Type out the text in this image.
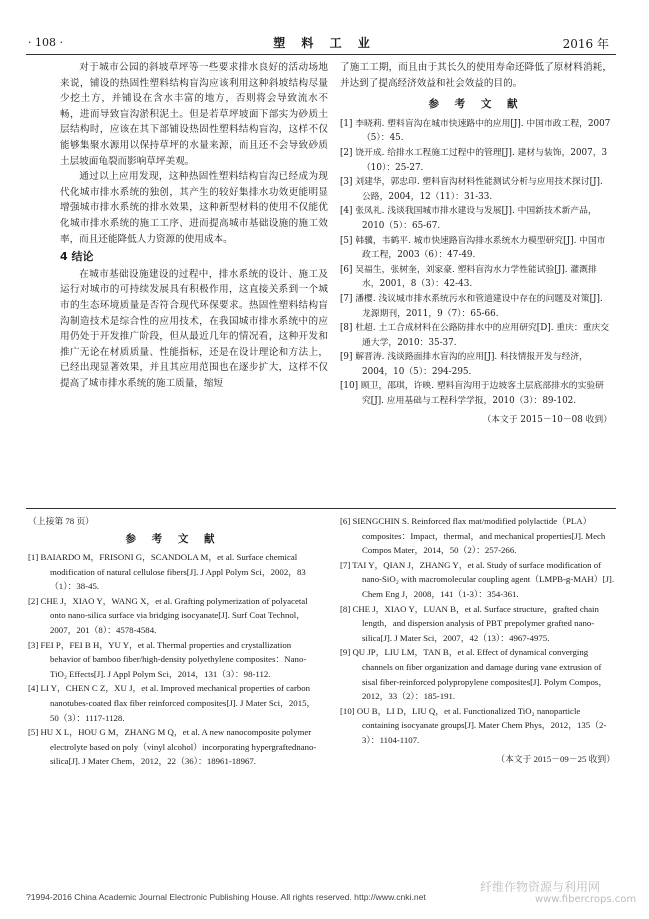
· 108 ·	塑 料 工 业	2016 年

对于城市公园的斜坡草坪等一些要求排水良好的活动场地来说，铺设的热固性塑料结构盲沟应该利用这种斜坡结构尽量少挖土方，并铺设在含水丰富的地方，否则将会导致流水不畅，进而导致盲沟淤积泥土。但是若草坪坡面下部实为砂质土层结构时，应该在其下部铺设热固性塑料结构盲沟，这样不仅能够集聚水源用以保持草坪的水量来源，而且还不会导致砂质土层坡面龟裂而影响草坪美观。

通过以上应用发现，这种热固性塑料结构盲沟已经成为现代化城市排水系统的独创，其产生的较好集排水功效更能明显增强城市排水系统的排水效果，这种新型材料的使用不仅能优化城市排水系统的施工工序、进而提高城市基础设施的施工效率，而且还能降低人力资源的使用成本。

4 结论

在城市基础设施建设的过程中，排水系统的设计、施工及运行对城市的可持续发展具有积极作用，这直接关系到一个城市的生态环境质量是否符合现代环保要求。热固性塑料结构盲沟制造技术是综合性的应用技术，在我国城市排水系统中的应用仍处于开发推广阶段，但从最近几年的情况看，这种开发和推广无论在材质质量、性能指标，还是在设计理论和方法上，已经出现显著效果，并且其应用范围也在逐步扩大，这样不仅提高了城市排水系统的施工质量，缩短

了施工工期，而且由于其长久的使用寿命还降低了原材料消耗，并达到了提高经济效益和社会效益的目的。

参 考 文 献

[1] 李晓莉. 塑料盲沟在城市快速路中的应用[J]. 中国市政工程，2007（5）：45.

[2] 饶开成. 给排水工程施工过程中的管理[J]. 建材与装饰，2007，3（10）：25-27.

[3] 刘建华，郭忠印. 塑料盲沟材料性能测试分析与应用技术探讨[J]. 公路，2004，12（11）：31-33.

[4] 张凤礼. 浅谈我国城市排水建设与发展[J]. 中国新技术新产品，2010（5）：65-67.

[5] 韩骥，韦鹤平. 城市快速路盲沟排水系统水力模型研究[J]. 中国市政工程，2003（6）：47-49.

[6] 吴福生，张树奎，刘家豪. 塑料盲沟水力学性能试验[J]. 灌溉排水，2001，8（3）：42-43.

[7] 潘樱. 浅议城市排水系统污水和管道建设中存在的问题及对策[J]. 龙源期刊，2011，9（7）：65-66.

[8] 杜超. 土工合成材料在公路防排水中的应用研究[D]. 重庆：重庆交通大学，2010：35-37.

[9] 解晋涛. 浅谈路面排水盲沟的应用[J]. 科技情报开发与经济，2004，10（5）：294-295.

[10] 顾卫，邵琪，许映. 塑料盲沟用于边坡客土层底部排水的实验研究[J]. 应用基础与工程科学学报，2010（3）：89-102.

（本文于 2015－10－08 收到）
（上接第 78 页）
参 考 文 献

[1] BAIARDO M，FRISONI G，SCANDOLA M，et al. Surface chemical modification of natural cellulose fibers[J]. J Appl Polym Sci，2002，83（1）：38-45.

[2] CHE J，XIAO Y，WANG X，et al. Grafting polymerization of polyacetal onto nano-silica surface via bridging isocyanate[J]. Surf Coat Technol，2007，201（8）：4578-4584.

[3] FEI P，FEI B H，YU Y，et al. Thermal properties and crystallization behavior of bamboo fiber/high-density polyethylene composites：Nano-TiO₂ Effects[J]. J Appl Polym Sci，2014，131（3）：98-112.

[4] LI Y，CHEN C Z，XU J，et al. Improved mechanical properties of carbon nanotubes-coated flax fiber reinforced composites[J]. J Mater Sci，2015，50（3）：1117-1128.

[5] HU X L，HOU G M，ZHANG M Q，et al. A new nanocomposite polymer electrolyte based on poly（vinyl alcohol）incorporating hypergraftednano-silica[J]. J Mater Chem，2012，22（36）：18961-18967.

[6] SIENGCHIN S. Reinforced flax mat/modified polylactide（PLA）composites：Impact，thermal，and mechanical properties[J]. Mech Compos Mater，2014，50（2）：257-266.

[7] TAI Y，QIAN J，ZHANG Y，et al. Study of surface modification of nano-SiO₂ with macromolecular coupling agent（LMPB-g-MAH）[J]. Chem Eng J，2008，141（1-3）：354-361.

[8] CHE J，XIAO Y，LUAN B，et al. Surface structure，grafted chain length，and dispersion analysis of PBT prepolymer grafted nano-silica[J]. J Mater Sci，2007，42（13）：4967-4975.

[9] QU JP，LIU LM，TAN B，et al. Effect of dynamical converging channels on fiber organization and damage during vane extrusion of sisal fiber-reinforced polypropylene composites[J]. Polym Compos，2012，33（2）：185-191.

[10] OU B，LI D，LIU Q，et al. Functionalized TiO₂ nanoparticle containing isocyanate groups[J]. Mater Chem Phys，2012，135（2-3）：1104-1107.

（本文于 2015－09－25 收到）
?1994-2016 China Academic Journal Electronic Publishing House. All rights reserved. http://www.cnki.net
纤维作物资源与利用网
www.fibercrops.com
